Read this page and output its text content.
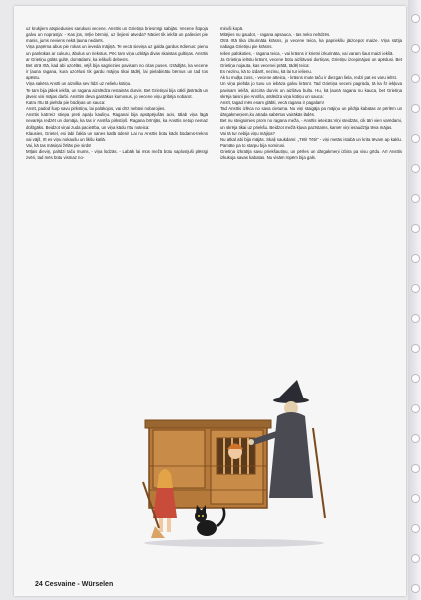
uz krukjiem atspiedusies sarukusi vecene. Ansītis un Grietiņa briesmīgi sabijās. Vecene šūpoja galvu un noprasīja: - Kas jūs, mīļie bērniņi, uz šejieni atveda? Nāciet tik iekšā un palieciet pie manis, jums neviens nekā ļauna nedarīs.

Viņa paņēma abus pie rokas un ieveda mājiņā. Te vecā sieviņa uz galda gardus ēdienus: pienu un pankūkas ar cukuru, ābolus un riekstus. Pēc tam viņa uzklāja divas skaistas gultiņas. Ansītis ar Grietiņu gūlās gultē, domādami, ka ielikuši debesīs.

Bet otrā rītā, kad abi uzcēlās, vējš bija sagriezies pavisam no citas puses. Izrādījās, ka vecene ir ļauna ragana, kura uzcēlusi tik gardu mājiņu tikai tādēļ, lai pielabinātu bērnus un tad tos apēstu.

Viņa sakēra Ansīti un aizvilka sev līdzi uz nelielu kūtiņu.

Te tam bija jāliek iekšā, un ragana aizslēdza restainās durvis. Bet Grietiņai bija cākli jāstrādā un jāveic visi mājas darbi. Ansītim deva gantākus kumosus, jo vecene viņu gribēja nobarot.

Katru rītu tā pielīda pie būdiņas un sauca:

Ansīt, padod šurp savu pirkstiņu, lai palūkojos, vai drīz nebūsi nobarojies.

Ansītis katrreiz stiepa preti apaļu kauliņu. Raganai bija apsāpējušās acis, tālab viņa lāgā nevarēja redzēt un domāja, ka tas ir Ansīša pirkstiņš. Ragana brīnījās, ka Ansītis netop nemaz dūšīgāks. Beidzot viņai zuda pacietība, un viņa kādu rītu noteica:

Klausies, Grietel, esi labi čakla un sanes katlā ūdeni! Lai nu Ansītis būtu kāds būdams-trekns vai vājš, rīt es viņu nokaušu un likšu katlā.

Vai, kā tas māsiņai žēlās pie sirds!

Mīļais dieviņ, palīdzi taču mums, - viņa lūdzās. - Labāk lai mūs mežā būtu saplosījuši plēsīgi zvēri, tad mēs būtu vismaz no-

miruši kopā.

Mitējies nu gaudot, - ragana apsauca, - tas neko nelīdzēs.

Otrā rītā tika izkurināta krāsns, jo vecene teica, ka papriekšu jāizcepot maize. Viņa sūtīja nabaga Grietiņu pie krāsns.

Ielien palūkoties, - ragana teica, - vai krāsns ir krietni izkurināta, vai varam šaut maizi iekšā.

Ja Grietiņa ielīstu krāsnī, vecene būtu aizšāvusi durtiņas, Grietiņu izcepinājusi un apēdusi. Bet Grietiņa nojauta, kas vecenei prātā, tādēļ teica:

Es nezinu, kā to izdarīt, nezinu, kā lai tur ielienu.

Ak tu muļķa zoss, - vecene atteica, - krāsns mute taču ir diezgan liela, redzi pat es varu ielīst.

Un viņa pielīda jo tuvu un iebāza galvu krāsnī. Tad Grietiņa veceni pagrūda, tā ka šī iekļuva pavisam iekšā, aizcirta durvis un aizšāva bultu. Hu, kā ļaunā ragana nu kauca, bet Grietiņa skrēja taisni pie Ansīša, atslēdza viņa kūtiņu un sauca:

Ansīt, tagad mēs esam glābti, vecā ragana ir pagalam!

Tad Ansītis izlēca no sava cietuma. Nu viņi staigāja pa mājiņu un pildīja kabatas ar pērlēm un dārgakmeņiem,ko atrada sabērtus vairākās lādēs.

Bet nu steigsimies prom no ragana meža, - Ansītis ieteicās.Viņi steidzās, cik ātri vien varēdami, un skrēja tikai uz priekšu. Beidzot mežā kļuva pazīstams, kamēr viņi ieraudzīja tēva mājas.

Vai tā tur nebija viņu mājiņa?

Nu atkal abi bija mājās. Skaļi saukdami: „Tēti! Tēti!" - viņi metās istabā un krita tēvam ap kaklu. Pamāte pa to starpu bija nomirusi.

Grietiņa izkratīja savu priekšautiņu, un pērles un dārgakmeņi izbira pa visu grīdu. Arī Ansītis izkukoja savas kabatas. Nu visām rūpēm bija gals.

24 Cesvaine - Würselen
